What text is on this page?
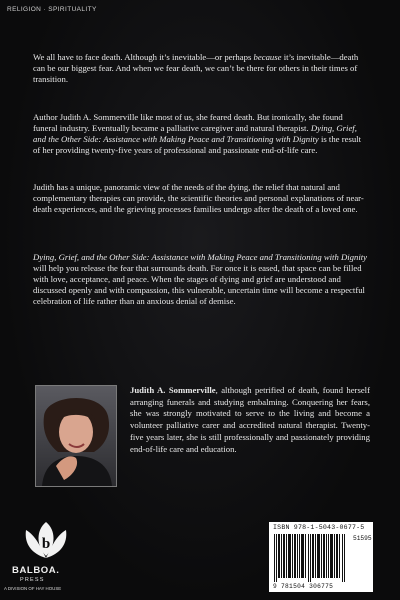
RELIGION · SPIRITUALITY

We all have to face death. Although it’s inevitable—or perhaps because it’s inevitable—death can be our biggest fear. And when we fear death, we can’t be there for others in their times of transition.

Author Judith A. Sommerville like most of us, she feared death. But ironically, she found funeral industry. Eventually became a palliative caregiver and natural therapist. Dying, Grief, and the Other Side: Assistance with Making Peace and Transitioning with Dignity is the result of her providing twenty-five years of professional and passionate end-of-life care.

Judith has a unique, panoramic view of the needs of the dying, the relief that natural and complementary therapies can provide, the scientific theories and personal explanations of near-death experiences, and the grieving processes families undergo after the death of a loved one.

Dying, Grief, and the Other Side: Assistance with Making Peace and Transitioning with Dignity will help you release the fear that surrounds death. For once it is eased, that space can be filled with love, acceptance, and peace. When the stages of dying and grief are understood and discussed openly and with compassion, this vulnerable, uncertain time will become a respectful celebration of life rather than an anxious denial of demise.

Judith A. Sommerville, although petrified of death, found herself arranging funerals and studying embalming. Conquering her fears, she was strongly motivated to serve to the living and become a volunteer palliative carer and accredited natural therapist. Twenty-five years later, she is still professionally and passionately providing end-of-life care and education.

b
BALBOA.
PRESS
A DIVISION OF HAY HOUSE
ISBN 978-1-5043-0677-5
51595
9 781504 306775
